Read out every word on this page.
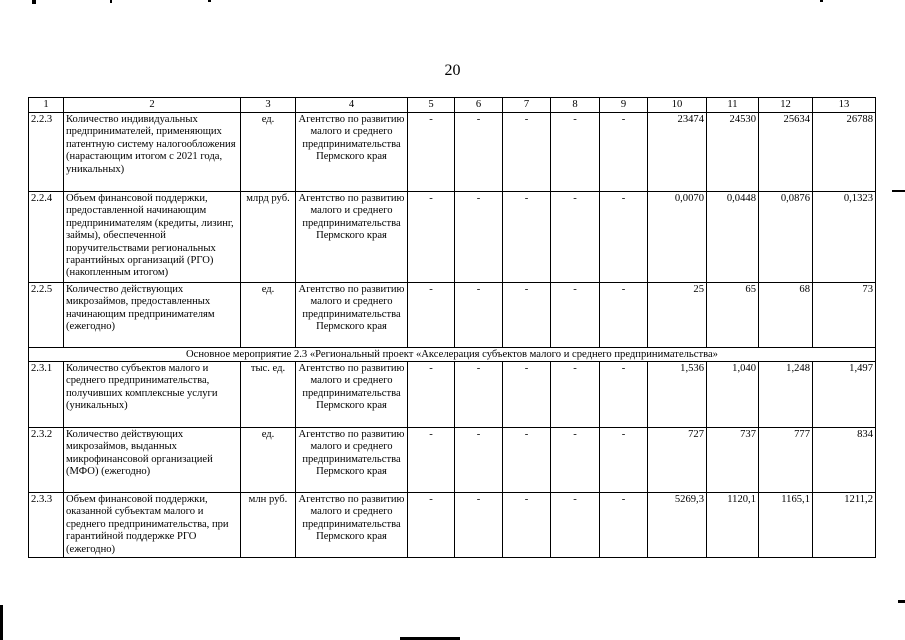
20
1	2	3	4	5	6	7	8	9	10	11	12	13
2.2.3	Количество индивидуальных предпринимателей, применяющих патентную систему налогообложения (нарастающим итогом с 2021 года, уникальных)	ед.	Агентство по развитию малого и среднего предпринимательства Пермского края	-	-	-	-	-	23474	24530	25634	26788
2.2.4	Объем финансовой поддержки, предоставленной начинающим предпринимателям (кредиты, лизинг, займы), обеспеченной поручительствами региональных гарантийных организаций (РГО) (накопленным итогом)	млрд руб.	Агентство по развитию малого и среднего предпринимательства Пермского края	-	-	-	-	-	0,0070	0,0448	0,0876	0,1323
2.2.5	Количество действующих микрозаймов, предоставленных начинающим предпринимателям (ежегодно)	ед.	Агентство по развитию малого и среднего предпринимательства Пермского края	-	-	-	-	-	25	65	68	73
Основное мероприятие 2.3 «Региональный проект «Акселерация субъектов малого и среднего предпринимательства»												
2.3.1	Количество субъектов малого и среднего предпринимательства, получивших комплексные услуги (уникальных)	тыс. ед.	Агентство по развитию малого и среднего предпринимательства Пермского края	-	-	-	-	-	1,536	1,040	1,248	1,497
2.3.2	Количество действующих микрозаймов, выданных микрофинансовой организацией (МФО) (ежегодно)	ед.	Агентство по развитию малого и среднего предпринимательства Пермского края	-	-	-	-	-	727	737	777	834
2.3.3	Объем финансовой поддержки, оказанной субъектам малого и среднего предпринимательства, при гарантийной поддержке РГО (ежегодно)	млн руб.	Агентство по развитию малого и среднего предпринимательства Пермского края	-	-	-	-	-	5269,3	1120,1	1165,1	1211,2
